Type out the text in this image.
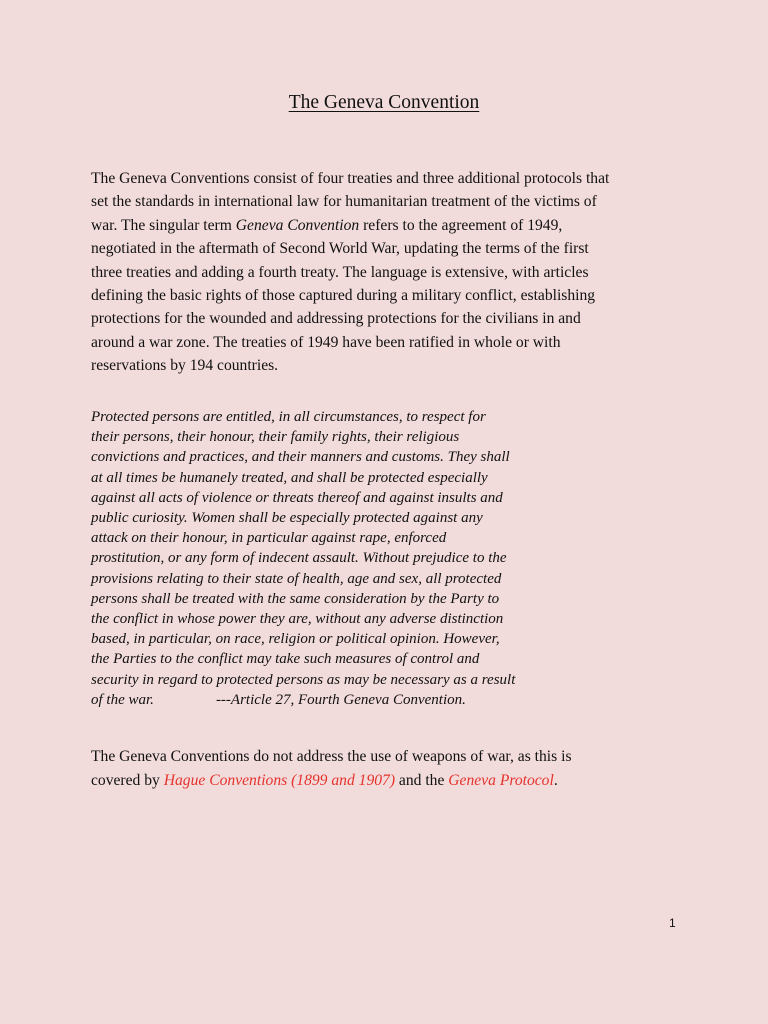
The Geneva Convention
The Geneva Conventions consist of four treaties and three additional protocols that
set the standards in international law for humanitarian treatment of the victims of
war. The singular term Geneva Convention refers to the agreement of 1949,
negotiated in the aftermath of Second World War, updating the terms of the first
three treaties and adding a fourth treaty. The language is extensive, with articles
defining the basic rights of those captured during a military conflict, establishing
protections for the wounded and addressing protections for the civilians in and
around a war zone. The treaties of 1949 have been ratified in whole or with
reservations by 194 countries.
Protected persons are entitled, in all circumstances, to respect for
their persons, their honour, their family rights, their religious
convictions and practices, and their manners and customs. They shall
at all times be humanely treated, and shall be protected especially
against all acts of violence or threats thereof and against insults and
public curiosity. Women shall be especially protected against any
attack on their honour, in particular against rape, enforced
prostitution, or any form of indecent assault. Without prejudice to the
provisions relating to their state of health, age and sex, all protected
persons shall be treated with the same consideration by the Party to
the conflict in whose power they are, without any adverse distinction
based, in particular, on race, religion or political opinion. However,
the Parties to the conflict may take such measures of control and
security in regard to protected persons as may be necessary as a result
of the war.	---Article 27, Fourth Geneva Convention.
The Geneva Conventions do not address the use of weapons of war, as this is
covered by Hague Conventions (1899 and 1907) and the Geneva Protocol.
1
